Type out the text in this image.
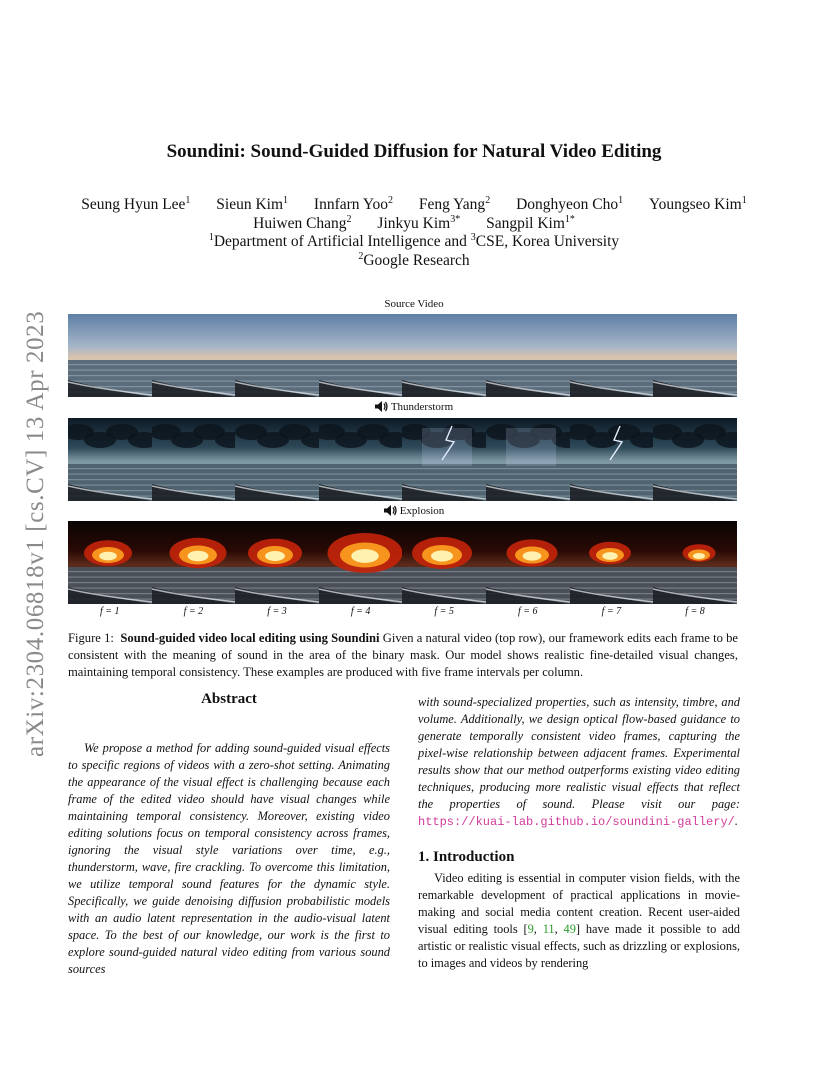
arXiv:2304.06818v1 [cs.CV] 13 Apr 2023
Soundini: Sound-Guided Diffusion for Natural Video Editing
Seung Hyun Lee$^1$ Sieun Kim$^1$ Innfarn Yoo$^2$ Feng Yang$^2$ Donghyeon Cho$^1$ Youngseo Kim$^1$
Huiwen Chang$^2$ Jinkyu Kim$^{3*}$ Sangpil Kim$^{1*}$
$^1$Department of Artificial Intelligence and $^3$CSE, Korea University
$^2$Google Research
Source Video
Thunderstorm
Explosion
f = 1	f = 2	f = 3	f = 4	f = 5	f = 6	f = 7	f = 8
Figure 1: Sound-guided video local editing using Soundini Given a natural video (top row), our framework edits each frame to be consistent with the meaning of sound in the area of the binary mask. Our model shows realistic fine-detailed visual changes, maintaining temporal consistency. These examples are produced with five frame intervals per column.
Abstract
We propose a method for adding sound-guided visual effects to specific regions of videos with a zero-shot setting. Animating the appearance of the visual effect is challenging because each frame of the edited video should have visual changes while maintaining temporal consistency. Moreover, existing video editing solutions focus on temporal consistency across frames, ignoring the visual style variations over time, e.g., thunderstorm, wave, fire crackling. To overcome this limitation, we utilize temporal sound features for the dynamic style. Specifically, we guide denoising diffusion probabilistic models with an audio latent representation in the audio-visual latent space. To the best of our knowledge, our work is the first to explore sound-guided natural video editing from various sound sources
with sound-specialized properties, such as intensity, timbre, and volume. Additionally, we design optical flow-based guidance to generate temporally consistent video frames, capturing the pixel-wise relationship between adjacent frames. Experimental results show that our method outperforms existing video editing techniques, producing more realistic visual effects that reflect the properties of sound. Please visit our page: https://kuai-lab.github.io/soundini-gallery/.
1. Introduction
Video editing is essential in computer vision fields, with the remarkable development of practical applications in movie-making and social media content creation. Recent user-aided visual editing tools [9, 11, 49] have made it possible to add artistic or realistic visual effects, such as drizzling or explosions, to images and videos by rendering
